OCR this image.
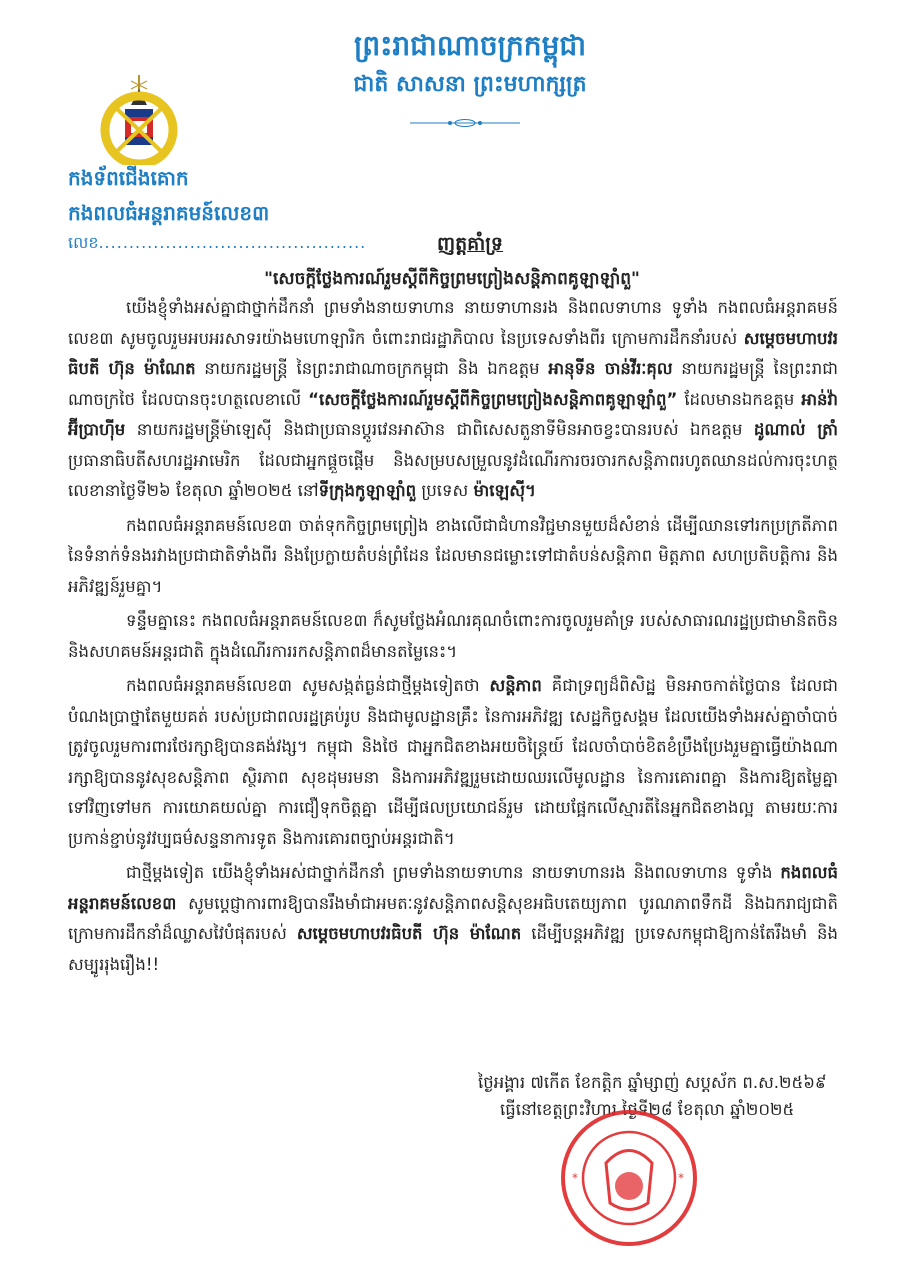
ព្រះរាជាណាចក្រកម្ពុជា
ជាតិ សាសនា ព្រះមហាក្សត្រ
កងទ័ពជើងគោក
កងពលធំអន្តរាគមន៍លេខ៣
លេខ............................................	ញត្តគាំទ្រ
"សេចក្តីថ្លែងការណ៍រួមស្តីពីកិច្ចព្រមព្រៀងសន្តិភាពគូឡាឡាំពួ"

យើងខ្ញុំទាំងអស់គ្នាជាថ្នាក់ដឹកនាំ ព្រមទាំងនាយទាហាន នាយទាហានរង និងពលទាហាន ទូទាំង កងពលធំអន្តរាគមន៍លេខ៣ សូមចូលរួមអបអរសាទរយ៉ាងមហោឡារិក ចំពោះរាជរដ្ឋាភិបាល នៃប្រទេសទាំងពីរ ក្រោមការដឹកនាំរបស់ សម្តេចមហាបវរធិបតី ហ៊ុន ម៉ាណែត នាយករដ្ឋមន្ត្រី នៃព្រះរាជាណាចក្រកម្ពុជា និង ឯកឧត្តម អានុទីន ចាន់វីរៈគុល នាយករដ្ឋមន្ត្រី នៃព្រះរាជាណាចក្រថៃ ដែលបានចុះហត្ថលេខាលើ “សេចក្តីថ្លែងការណ៍រួមស្តីពីកិច្ចព្រមព្រៀងសន្តិភាពគូឡាឡាំពួ” ដែលមានឯកឧត្តម អាន់វ៉ា អ៊ីប្រាហ៊ីម នាយករដ្ឋមន្ត្រីម៉ាឡេស៊ី និងជាប្រធានប្តូរវេនអាស៊ាន ជាពិសេសតួនាទីមិនអាចខ្វះបានរបស់ ឯកឧត្តម ដូណាល់ ត្រាំ ប្រធានាធិបតីសហរដ្ឋអាមេរិក ដែលជាអ្នកផ្តួចផ្តើម និងសម្របសម្រួលនូវដំណើរការចរចារកសន្តិភាពរហូតឈានដល់ការចុះហត្ថលេខានាថ្ងៃទី២៦ ខែតុលា ឆ្នាំ២០២៥ នៅទីក្រុងកូឡាឡាំពួ ប្រទេស ម៉ាឡេស៊ី។

កងពលធំអន្តរាគមន៍លេខ៣ ចាត់ទុកកិច្ចព្រមព្រៀង ខាងលើជាជំហានវិជ្ជមានមួយដ៏សំខាន់ ដើម្បីឈានទៅរកប្រក្រតីភាព នៃទំនាក់ទំនងរវាងប្រជាជាតិទាំងពីរ និងប្រែក្លាយតំបន់ព្រំដែន ដែលមានជម្លោះទៅជាតំបន់សន្តិភាព មិត្តភាព សហប្រតិបត្តិការ និងអភិវឌ្ឍន៍រួមគ្នា។

ទន្ទឹមគ្នានេះ កងពលធំអន្តរាគមន៍លេខ៣ ក៏សូមថ្លែងអំណរគុណចំពោះការចូលរួមគាំទ្រ របស់សាធារណរដ្ឋប្រជាមានិតចិន និងសហគមន៍អន្តរជាតិ ក្នុងដំណើរការរកសន្តិភាពដ៏មានតម្លៃនេះ។

កងពលធំអន្តរាគមន៍លេខ៣ សូមសង្កត់ធ្ងន់ជាថ្មីម្តងទៀតថា សន្តិភាព គឺជាទ្រព្យដ៏ពិសិដ្ឋ មិនអាចកាត់ថ្លៃបាន ដែលជាបំណងប្រាថ្នាតែមួយគត់ របស់ប្រជាពលរដ្ឋគ្រប់រូប និងជាមូលដ្ឋានគ្រឹះ នៃការអភិវឌ្ឍ សេដ្ឋកិច្ចសង្គម ដែលយើងទាំងអស់គ្នាចាំបាច់ត្រូវចូលរួមការពារថែរក្សាឱ្យបានគង់វង្ស។ កម្ពុជា និងថៃ ជាអ្នកជិតខាងអយចិន្ត្រៃយ៍ ដែលចាំបាច់ខិតខំប្រឹងប្រែងរួមគ្នាធ្វើយ៉ាងណារក្សាឱ្យបាននូវសុខសន្តិភាព ស្ថិរភាព សុខដុមរមនា និងការអភិវឌ្ឍរួមដោយឈរលើមូលដ្ឋាន នៃការគោរពគ្នា និងការឱ្យតម្លៃគ្នាទៅវិញទៅមក ការយោគយល់គ្នា ការជឿទុកចិត្តគ្នា ដើម្បីផលប្រយោជន៍រួម ដោយផ្អែកលើស្មារតីនៃអ្នកជិតខាងល្អ តាមរយៈការប្រកាន់ខ្ជាប់នូវវប្បធម៌សន្ទនាការទូត និងការគោរពច្បាប់អន្តរជាតិ។

ជាថ្មីម្តងទៀត យើងខ្ញុំទាំងអស់ជាថ្នាក់ដឹកនាំ ព្រមទាំងនាយទាហាន នាយទាហានរង និងពលទាហាន ទូទាំង កងពលធំអន្តរាគមន៍លេខ៣ សូមប្តេជ្ញាការពារឱ្យបានរឹងមាំជាអមតៈនូវសន្តិភាពសន្តិសុខអធិបតេយ្យភាព បូរណភាពទឹកដី និងឯករាជ្យជាតិ ក្រោមការដឹកនាំដ៏ឈ្លាសវៃបំផុតរបស់ សម្តេចមហាបវរធិបតី ហ៊ុន ម៉ាណែត ដើម្បីបន្តអភិវឌ្ឍ ប្រទេសកម្ពុជាឱ្យកាន់តែរឹងមាំ និងសម្បូររុងរឿង!!

ថ្ងៃអង្គារ ៧កើត ខែកត្តិក ឆ្នាំម្សាញ់ សប្តស័ក ព.ស.២៥៦៩
ធ្វើនៅខេត្តព្រះវិហារ ថ្ងៃទី២៨ ខែតុលា ឆ្នាំ២០២៥
*	*
